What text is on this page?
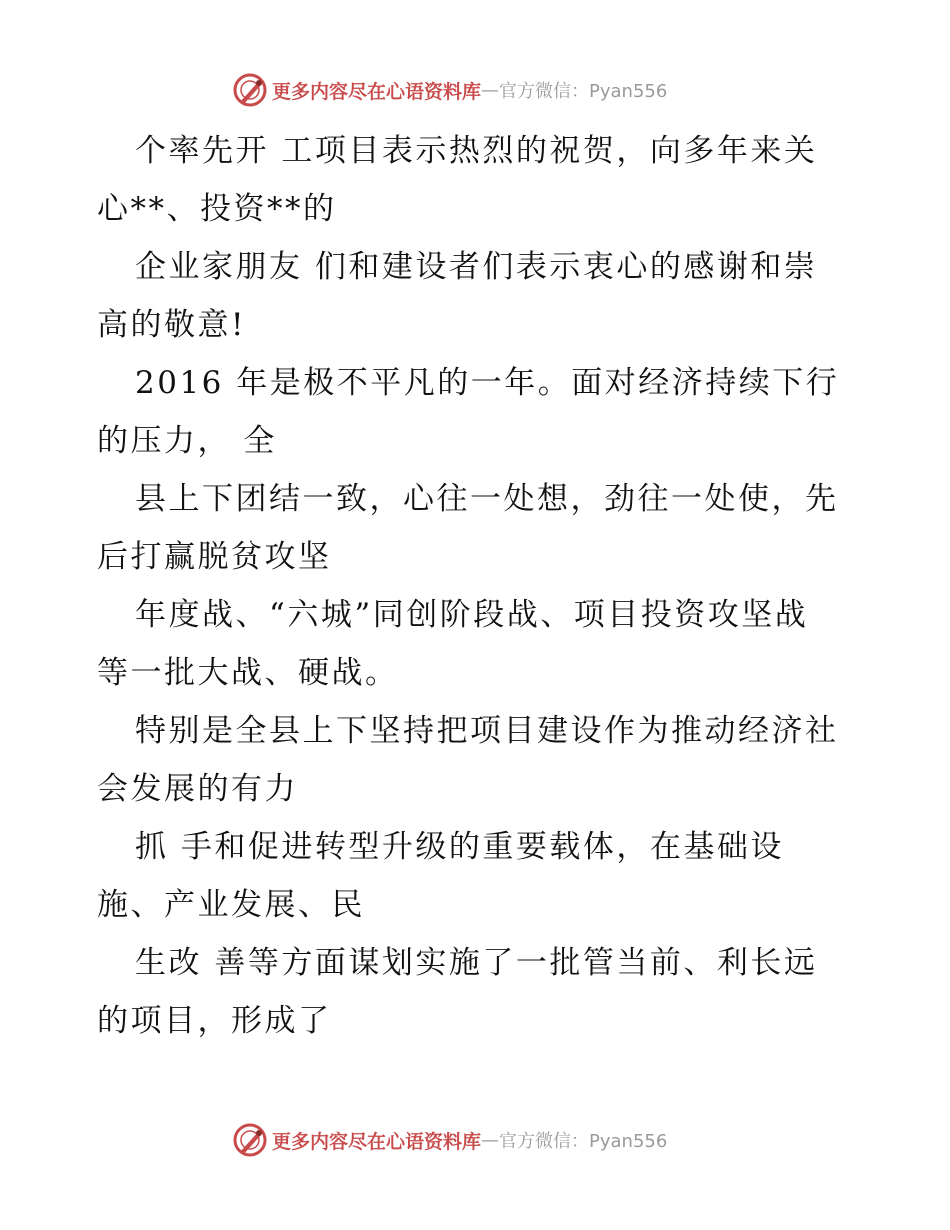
更多内容尽在心语资料库 — 官方微信：Pyan556

个率先开 工项目表示热烈的祝贺，向多年来关

心**、投资**的

企业家朋友 们和建设者们表示衷心的感谢和崇

高的敬意!

2016 年是极不平凡的一年。面对经济持续下行

的压力， 全

县上下团结一致，心往一处想，劲往一处使，先

后打赢脱贫攻坚

年度战、“六城”同创阶段战、项目投资攻坚战

等一批大战、硬战。

特别是全县上下坚持把项目建设作为推动经济社

会发展的有力

抓 手和促进转型升级的重要载体，在基础设

施、产业发展、民

生改 善等方面谋划实施了一批管当前、利长远

的项目，形成了

更多内容尽在心语资料库 — 官方微信：Pyan556
